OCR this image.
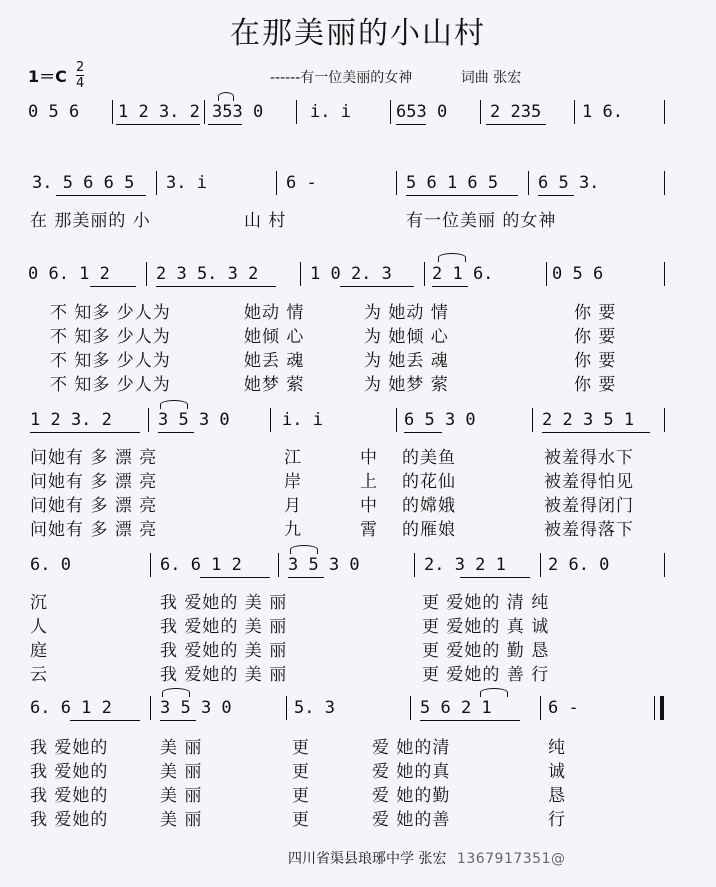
在那美丽的小山村
1＝C 2
4	------有一位美丽的女神	词曲 张宏
0 5 6 1 2 3. 2 353 0	i. i	653 0	2 235 1 6.
3. 5 6 6 5 3. i	6 -	5 6 1 6 5 6 5 3.
在 那美丽的 小	山 村	有一位美丽 的女神
0 6. 1 2	2 3 5. 3 2	1 0 2. 3 2 1 6.	0 5 6
不 知多 少人为	她动 情	为 她动 情	你 要
不 知多 少人为	她倾 心	为 她倾 心	你 要
不 知多 少人为	她丢 魂	为 她丢 魂	你 要
不 知多 少人为	她梦 萦	为 她梦 萦	你 要
1 2 3. 2	3 5 3 0	i. i	6 5 3 0	2 2 3 5 1
问她有 多 漂 亮	江	中 的美鱼	被羞得水下
问她有 多 漂 亮	岸	上 的花仙	被羞得怕见
问她有 多 漂 亮	月	中 的嫦娥	被羞得闭门
问她有 多 漂 亮	九	霄 的雁娘	被羞得落下
6. 0	6. 6 1 2	3 5 3 0	2. 3 2 1 2 6. 0
沉	我 爱她的 美 丽	更 爱她的 清 纯
人	我 爱她的 美 丽	更 爱她的 真 诚
庭	我 爱她的 美 丽	更 爱她的 勤 恳
云	我 爱她的 美 丽	更 爱她的 善 行
6. 6 1 2	3 5 3 0	5. 3	5 6 2 1	6 -
我 爱她的	美 丽	更	爱 她的清	纯
我 爱她的	美 丽	更	爱 她的真	诚
我 爱她的	美 丽	更	爱 她的勤	恳
我 爱她的	美 丽	更	爱 她的善	行
四川省渠县琅琊中学 张宏 1367917351@
